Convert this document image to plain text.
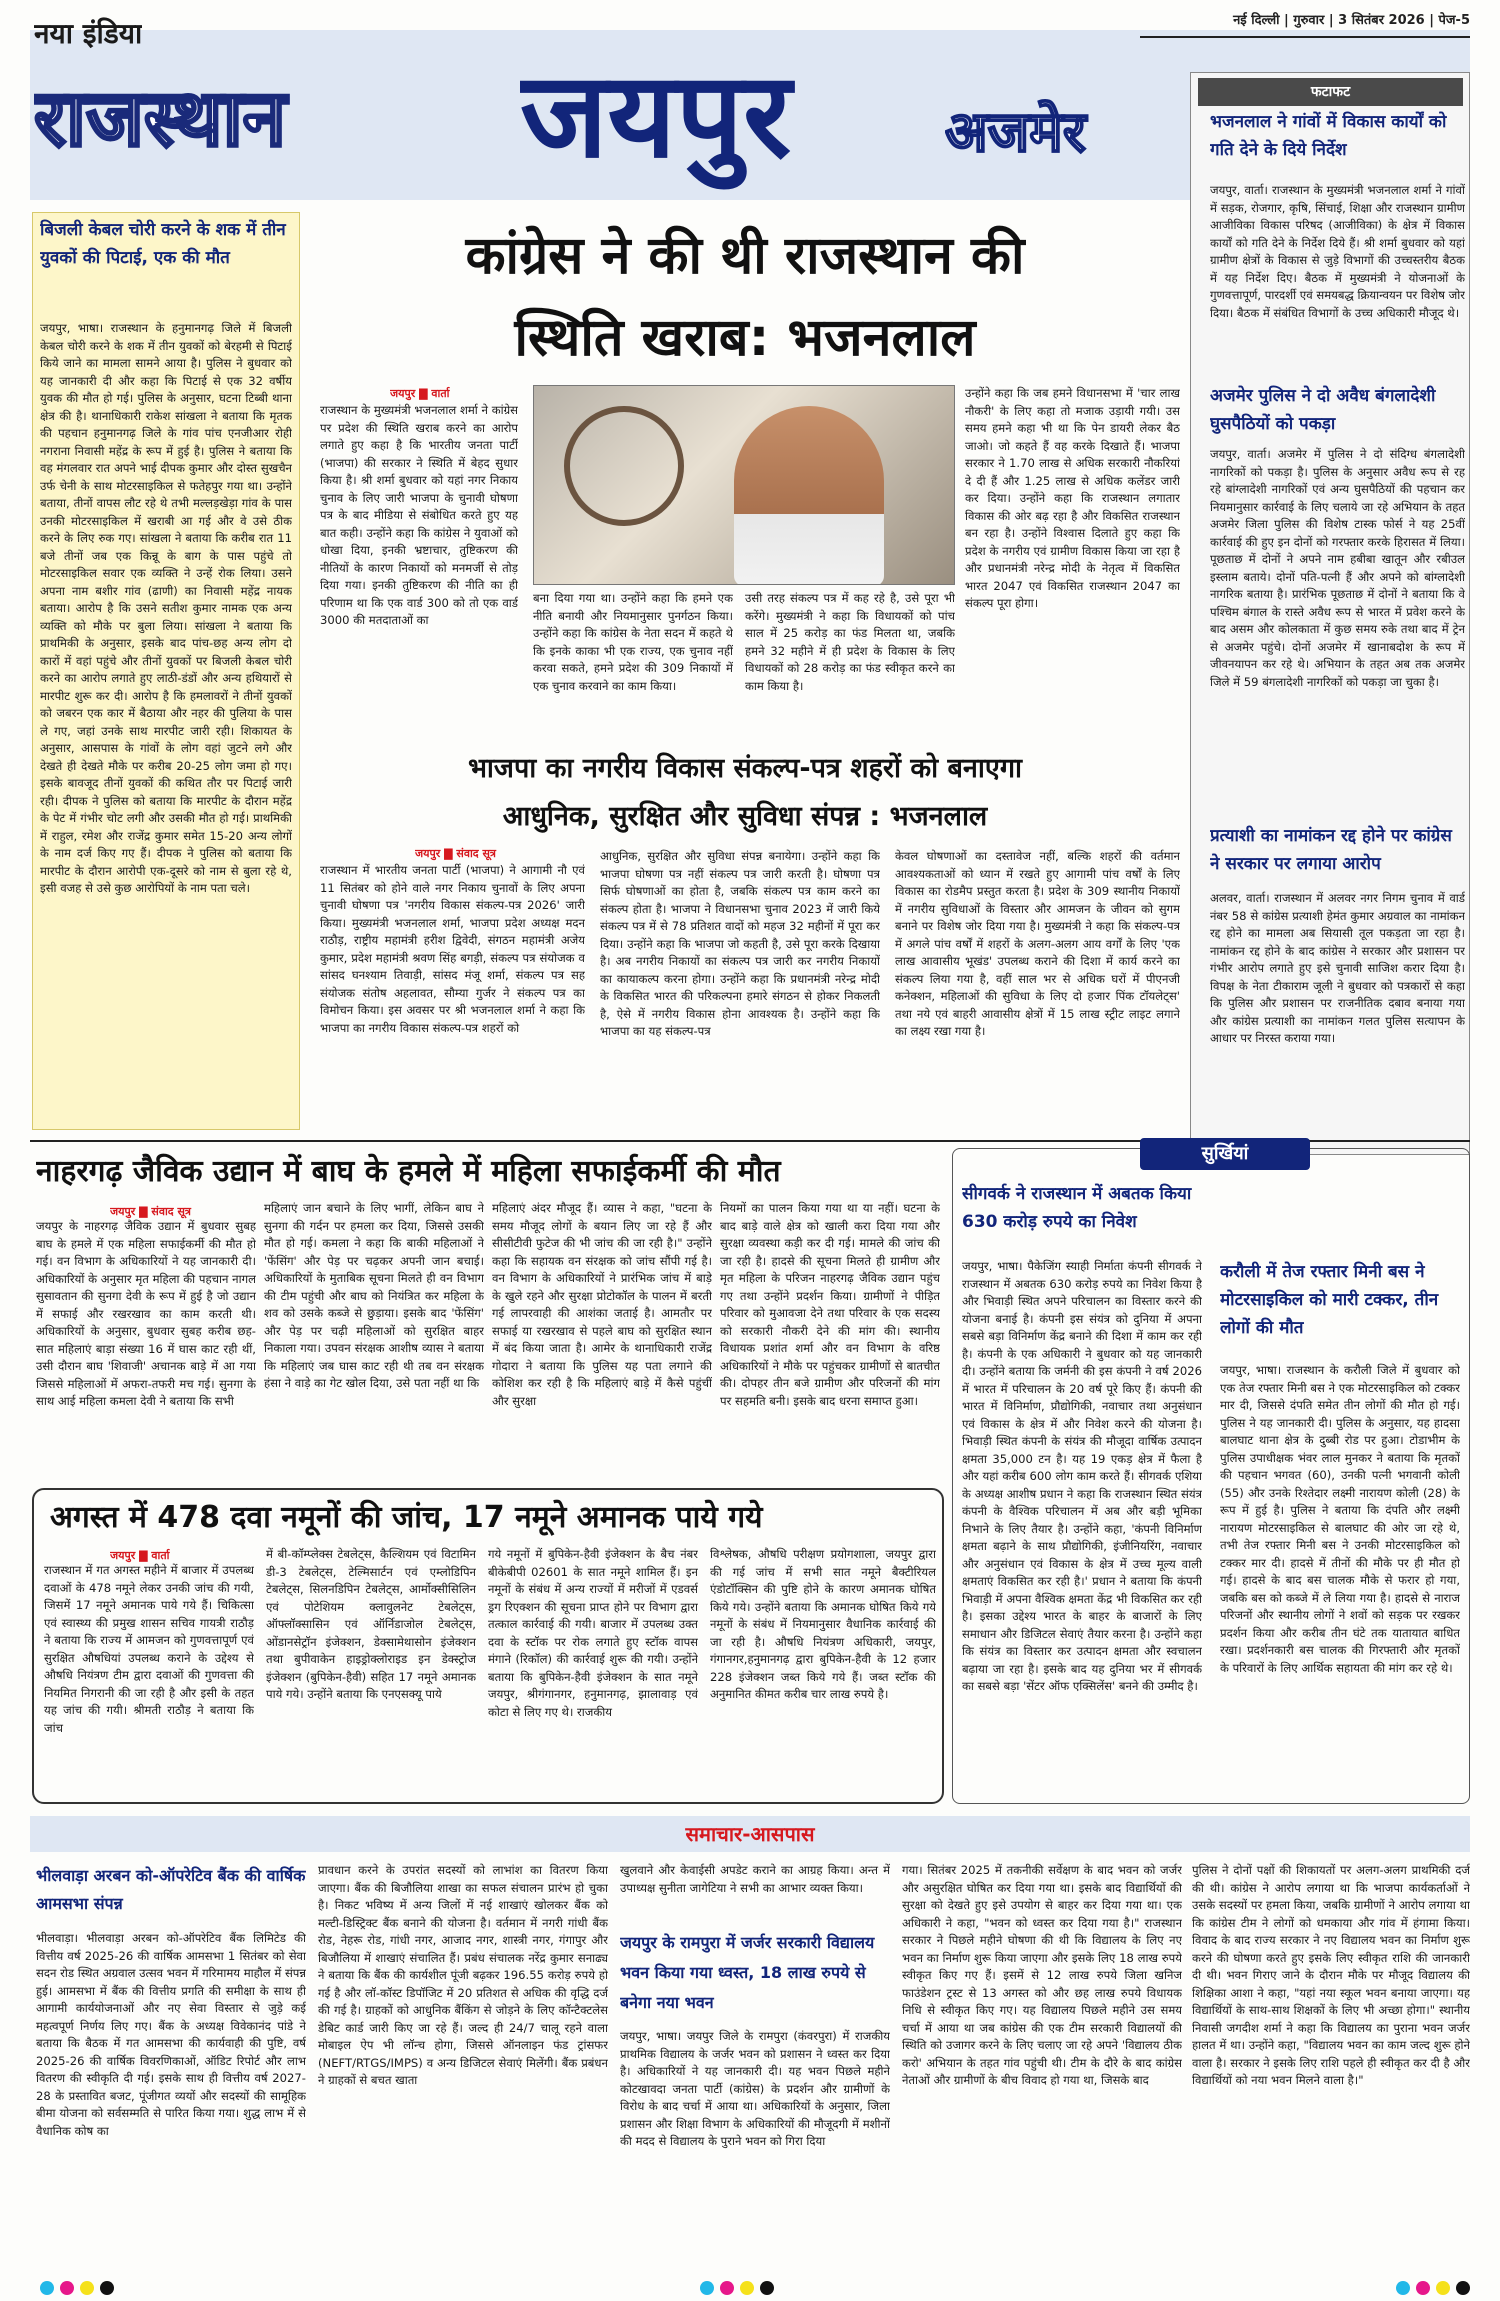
नया इंडिया
राजस्थान	जयपुर	अजमेर
नई दिल्ली | गुरुवार | 3 सितंबर 2026 | पेज-5
फटाफट
भजनलाल ने गांवों में विकास कार्यों को गति देने के दिये निर्देश

जयपुर, वार्ता। राजस्थान के मुख्यमंत्री भजनलाल शर्मा ने गांवों में सड़क, रोजगार, कृषि, सिंचाई, शिक्षा और राजस्थान ग्रामीण आजीविका विकास परिषद (आजीविका) के क्षेत्र में विकास कार्यों को गति देने के निर्देश दिये हैं। श्री शर्मा बुधवार को यहां ग्रामीण क्षेत्रों के विकास से जुड़े विभागों की उच्चस्तरीय बैठक में यह निर्देश दिए। बैठक में मुख्यमंत्री ने योजनाओं के गुणवत्तापूर्ण, पारदर्शी एवं समयबद्ध क्रियान्वयन पर विशेष जोर दिया। बैठक में संबंधित विभागों के उच्च अधिकारी मौजूद थे।

अजमेर पुलिस ने दो अवैध बंगलादेशी घुसपैठियों को पकड़ा

जयपुर, वार्ता। अजमेर में पुलिस ने दो संदिग्ध बंगलादेशी नागरिकों को पकड़ा है। पुलिस के अनुसार अवैध रूप से रह रहे बांग्लादेशी नागरिकों एवं अन्य घुसपैठियों की पहचान कर नियमानुसार कार्रवाई के लिए चलाये जा रहे अभियान के तहत अजमेर जिला पुलिस की विशेष टास्क फोर्स ने यह 25वीं कार्रवाई की हुए इन दोनों को गरफ्तार करके हिरासत में लिया। पूछताछ में दोनों ने अपने नाम हबीबा खातून और रबीउल इस्लाम बताये। दोनों पति-पत्नी हैं और अपने को बांग्लादेशी नागरिक बताया है। प्रारंभिक पूछताछ में दोनों ने बताया कि वे पश्चिम बंगाल के रास्ते अवैध रूप से भारत में प्रवेश करने के बाद असम और कोलकाता में कुछ समय रुके तथा बाद में ट्रेन से अजमेर पहुंचे। दोनों अजमेर में खानाबदोश के रूप में जीवनयापन कर रहे थे। अभियान के तहत अब तक अजमेर जिले में 59 बंगलादेशी नागरिकों को पकड़ा जा चुका है।

प्रत्याशी का नामांकन रद्द होने पर कांग्रेस ने सरकार पर लगाया आरोप

अलवर, वार्ता। राजस्थान में अलवर नगर निगम चुनाव में वार्ड नंबर 58 से कांग्रेस प्रत्याशी हेमंत कुमार अग्रवाल का नामांकन रद्द होने का मामला अब सियासी तूल पकड़ता जा रहा है। नामांकन रद्द होने के बाद कांग्रेस ने सरकार और प्रशासन पर गंभीर आरोप लगाते हुए इसे चुनावी साजिश करार दिया है। विपक्ष के नेता टीकाराम जूली ने बुधवार को पत्रकारों से कहा कि पुलिस और प्रशासन पर राजनीतिक दबाव बनाया गया और कांग्रेस प्रत्याशी का नामांकन गलत पुलिस सत्यापन के आधार पर निरस्त कराया गया।

बिजली केबल चोरी करने के शक में तीन युवकों की पिटाई, एक की मौत

जयपुर, भाषा। राजस्थान के हनुमानगढ़ जिले में बिजली केबल चोरी करने के शक में तीन युवकों को बेरहमी से पिटाई किये जाने का मामला सामने आया है। पुलिस ने बुधवार को यह जानकारी दी और कहा कि पिटाई से एक 32 वर्षीय युवक की मौत हो गई। पुलिस के अनुसार, घटना टिब्बी थाना क्षेत्र की है। थानाधिकारी राकेश सांखला ने बताया कि मृतक की पहचान हनुमानगढ़ जिले के गांव पांच एनजीआर रोही नगराना निवासी महेंद्र के रूप में हुई है। पुलिस ने बताया कि वह मंगलवार रात अपने भाई दीपक कुमार और दोस्त सुखचैन उर्फ चेनी के साथ मोटरसाइकिल से फतेहपुर गया था। उन्होंने बताया, तीनों वापस लौट रहे थे तभी मल्लड़खेड़ा गांव के पास उनकी मोटरसाइकिल में खराबी आ गई और वे उसे ठीक करने के लिए रुक गए। सांखला ने बताया कि करीब रात 11 बजे तीनों जब एक किन्नू के बाग के पास पहुंचे तो मोटरसाइकिल सवार एक व्यक्ति ने उन्हें रोक लिया। उसने अपना नाम बशीर गांव (ढाणी) का निवासी महेंद्र नायक बताया। आरोप है कि उसने सतीश कुमार नामक एक अन्य व्यक्ति को मौके पर बुला लिया। सांखला ने बताया कि प्राथमिकी के अनुसार, इसके बाद पांच-छह अन्य लोग दो कारों में वहां पहुंचे और तीनों युवकों पर बिजली केबल चोरी करने का आरोप लगाते हुए लाठी-डंडों और अन्य हथियारों से मारपीट शुरू कर दी। आरोप है कि हमलावरों ने तीनों युवकों को जबरन एक कार में बैठाया और नहर की पुलिया के पास ले गए, जहां उनके साथ मारपीट जारी रही। शिकायत के अनुसार, आसपास के गांवों के लोग वहां जुटने लगे और देखते ही देखते मौके पर करीब 20-25 लोग जमा हो गए। इसके बावजूद तीनों युवकों की कथित तौर पर पिटाई जारी रही। दीपक ने पुलिस को बताया कि मारपीट के दौरान महेंद्र के पेट में गंभीर चोट लगी और उसकी मौत हो गई। प्राथमिकी में राहुल, रमेश और राजेंद्र कुमार समेत 15-20 अन्य लोगों के नाम दर्ज किए गए हैं। दीपक ने पुलिस को बताया कि मारपीट के दौरान आरोपी एक-दूसरे को नाम से बुला रहे थे, इसी वजह से उसे कुछ आरोपियों के नाम पता चले।

कांग्रेस ने की थी राजस्थान की
स्थिति खराब: भजनलाल
जयपुर ▇ वार्ता

राजस्थान के मुख्यमंत्री भजनलाल शर्मा ने कांग्रेस पर प्रदेश की स्थिति खराब करने का आरोप लगाते हुए कहा है कि भारतीय जनता पार्टी (भाजपा) की सरकार ने स्थिति में बेहद सुधार किया है। श्री शर्मा बुधवार को यहां नगर निकाय चुनाव के लिए जारी भाजपा के चुनावी घोषणा पत्र के बाद मीडिया से संबोधित करते हुए यह बात कही। उन्होंने कहा कि कांग्रेस ने युवाओं को धोखा दिया, इनकी भ्रष्टाचार, तुष्टिकरण की नीतियों के कारण निकायों को मनमर्जी से तोड़ दिया गया। इनकी तुष्टिकरण की नीति का ही परिणाम था कि एक वार्ड 300 को तो एक वार्ड 3000 की मतदाताओं का

बना दिया गया था। उन्होंने कहा कि हमने एक नीति बनायी और नियमानुसार पुनर्गठन किया। उन्होंने कहा कि कांग्रेस के नेता सदन में कहते थे कि इनके काका भी एक राज्य, एक चुनाव नहीं करवा सकते, हमने प्रदेश की 309 निकायों में एक चुनाव करवाने का काम किया।

उसी तरह संकल्प पत्र में कह रहे है, उसे पूरा भी करेंगे। मुख्यमंत्री ने कहा कि विधायकों को पांच साल में 25 करोड़ का फंड मिलता था, जबकि हमने 32 महीने में ही प्रदेश के विकास के लिए विधायकों को 28 करोड़ का फंड स्वीकृत करने का काम किया है।

उन्होंने कहा कि जब हमने विधानसभा में 'चार लाख नौकरी' के लिए कहा तो मजाक उड़ायी गयी। उस समय हमने कहा भी था कि पेन डायरी लेकर बैठ जाओ। जो कहते हैं वह करके दिखाते हैं। भाजपा सरकार ने 1.70 लाख से अधिक सरकारी नौकरियां दे दी हैं और 1.25 लाख से अधिक कलेंडर जारी कर दिया। उन्होंने कहा कि राजस्थान लगातार विकास की ओर बढ़ रहा है और विकसित राजस्थान बन रहा है। उन्होंने विश्वास दिलाते हुए कहा कि प्रदेश के नगरीय एवं ग्रामीण विकास किया जा रहा है और प्रधानमंत्री नरेन्द्र मोदी के नेतृत्व में विकसित भारत 2047 एवं विकसित राजस्थान 2047 का संकल्प पूरा होगा।

भाजपा का नगरीय विकास संकल्प-पत्र शहरों को बनाएगा
आधुनिक, सुरक्षित और सुविधा संपन्न : भजनलाल
जयपुर ▇ संवाद सूत्र

राजस्थान में भारतीय जनता पार्टी (भाजपा) ने आगामी नौ एवं 11 सितंबर को होने वाले नगर निकाय चुनावों के लिए अपना चुनावी घोषणा पत्र 'नगरीय विकास संकल्प-पत्र 2026' जारी किया। मुख्यमंत्री भजनलाल शर्मा, भाजपा प्रदेश अध्यक्ष मदन राठौड़, राष्ट्रीय महामंत्री हरीश द्विवेदी, संगठन महामंत्री अजेय कुमार, प्रदेश महामंत्री श्रवण सिंह बगड़ी, संकल्प पत्र संयोजक व सांसद घनश्याम तिवाड़ी, सांसद मंजू शर्मा, संकल्प पत्र सह संयोजक संतोष अहलावत, सौम्या गुर्जर ने संकल्प पत्र का विमोचन किया। इस अवसर पर श्री भजनलाल शर्मा ने कहा कि भाजपा का नगरीय विकास संकल्प-पत्र शहरों को

आधुनिक, सुरक्षित और सुविधा संपन्न बनायेगा। उन्होंने कहा कि भाजपा घोषणा पत्र नहीं संकल्प पत्र जारी करती है। घोषणा पत्र सिर्फ घोषणाओं का होता है, जबकि संकल्प पत्र काम करने का संकल्प होता है। भाजपा ने विधानसभा चुनाव 2023 में जारी किये संकल्प पत्र में से 78 प्रतिशत वादों को महज 32 महीनों में पूरा कर दिया। उन्होंने कहा कि भाजपा जो कहती है, उसे पूरा करके दिखाया है। अब नगरीय निकायों का संकल्प पत्र जारी कर नगरीय निकायों का कायाकल्प करना होगा। उन्होंने कहा कि प्रधानमंत्री नरेन्द्र मोदी के विकसित भारत की परिकल्पना हमारे संगठन से होकर निकलती है, ऐसे में नगरीय विकास होना आवश्यक है। उन्होंने कहा कि भाजपा का यह संकल्प-पत्र

केवल घोषणाओं का दस्तावेज नहीं, बल्कि शहरों की वर्तमान आवश्यकताओं को ध्यान में रखते हुए आगामी पांच वर्षों के लिए विकास का रोडमैप प्रस्तुत करता है। प्रदेश के 309 स्थानीय निकायों में नगरीय सुविधाओं के विस्तार और आमजन के जीवन को सुगम बनाने पर विशेष जोर दिया गया है। मुख्यमंत्री ने कहा कि संकल्प-पत्र में अगले पांच वर्षों में शहरों के अलग-अलग आय वर्गों के लिए 'एक लाख आवासीय भूखंड' उपलब्ध कराने की दिशा में कार्य करने का संकल्प लिया गया है, वहीं साल भर से अधिक घरों में पीएनजी कनेक्शन, महिलाओं की सुविधा के लिए दो हजार पिंक टॉयलेट्स' तथा नये एवं बाहरी आवासीय क्षेत्रों में 15 लाख स्ट्रीट लाइट लगाने का लक्ष्य रखा गया है।

नाहरगढ़ जैविक उद्यान में बाघ के हमले में महिला सफाईकर्मी की मौत
जयपुर ▇ संवाद सूत्र

जयपुर के नाहरगढ़ जैविक उद्यान में बुधवार सुबह बाघ के हमले में एक महिला सफाईकर्मी की मौत हो गई। वन विभाग के अधिकारियों ने यह जानकारी दी। अधिकारियों के अनुसार मृत महिला की पहचान नागल सुसावतान की सुनगा देवी के रूप में हुई है जो उद्यान में सफाई और रखरखाव का काम करती थी। अधिकारियों के अनुसार, बुधवार सुबह करीब छह-सात महिलाएं बाड़ा संख्या 16 में घास काट रही थीं, उसी दौरान बाघ 'शिवाजी' अचानक बाड़े में आ गया जिससे महिलाओं में अफरा-तफरी मच गई। सुनगा के साथ आई महिला कमला देवी ने बताया कि सभी

महिलाएं जान बचाने के लिए भागीं, लेकिन बाघ ने सुनगा की गर्दन पर हमला कर दिया, जिससे उसकी मौत हो गई। कमला ने कहा कि बाकी महिलाओं ने 'फेंसिंग' और पेड़ पर चढ़कर अपनी जान बचाई। अधिकारियों के मुताबिक सूचना मिलते ही वन विभाग की टीम पहुंची और बाघ को नियंत्रित कर महिला के शव को उसके कब्जे से छुड़ाया। इसके बाद 'फेंसिंग' और पेड़ पर चढ़ी महिलाओं को सुरक्षित बाहर निकाला गया। उपवन संरक्षक आशीष व्यास ने बताया कि महिलाएं जब घास काट रही थी तब वन संरक्षक हंसा ने वाड़े का गेट खोल दिया, उसे पता नहीं था कि

महिलाएं अंदर मौजूद हैं। व्यास ने कहा, "घटना के समय मौजूद लोगों के बयान लिए जा रहे हैं और सीसीटीवी फुटेज की भी जांच की जा रही है।" उन्होंने कहा कि सहायक वन संरक्षक को जांच सौंपी गई है। वन विभाग के अधिकारियों ने प्रारंभिक जांच में बाड़े के खुले रहने और सुरक्षा प्रोटोकॉल के पालन में बरती गई लापरवाही की आशंका जताई है। आमतौर पर सफाई या रखरखाव से पहले बाघ को सुरक्षित स्थान में बंद किया जाता है। आमेर के थानाधिकारी राजेंद्र गोदारा ने बताया कि पुलिस यह पता लगाने की कोशिश कर रही है कि महिलाएं बाड़े में कैसे पहुंचीं और सुरक्षा

नियमों का पालन किया गया था या नहीं। घटना के बाद बाड़े वाले क्षेत्र को खाली करा दिया गया और सुरक्षा व्यवस्था कड़ी कर दी गई। मामले की जांच की जा रही है। हादसे की सूचना मिलते ही ग्रामीण और मृत महिला के परिजन नाहरगढ़ जैविक उद्यान पहुंच गए तथा उन्होंने प्रदर्शन किया। ग्रामीणों ने पीड़ित परिवार को मुआवजा देने तथा परिवार के एक सदस्य को सरकारी नौकरी देने की मांग की। स्थानीय विधायक प्रशांत शर्मा और वन विभाग के वरिष्ठ अधिकारियों ने मौके पर पहुंचकर ग्रामीणों से बातचीत की। दोपहर तीन बजे ग्रामीण और परिजनों की मांग पर सहमति बनी। इसके बाद धरना समाप्त हुआ।

अगस्त में 478 दवा नमूनों की जांच, 17 नमूने अमानक पाये गये
जयपुर ▇ वार्ता

राजस्थान में गत अगस्त महीने में बाजार में उपलब्ध दवाओं के 478 नमूने लेकर उनकी जांच की गयी, जिसमें 17 नमूने अमानक पाये गये हैं। चिकित्सा एवं स्वास्थ्य की प्रमुख शासन सचिव गायत्री राठौड़ ने बताया कि राज्य में आमजन को गुणवत्तापूर्ण एवं सुरक्षित औषधियां उपलब्ध कराने के उद्देश्य से औषधि नियंत्रण टीम द्वारा दवाओं की गुणवत्ता की नियमित निगरानी की जा रही है और इसी के तहत यह जांच की गयी। श्रीमती राठौड़ ने बताया कि जांच

में बी-कॉम्प्लेक्स टेबलेट्स, कैल्शियम एवं विटामिन डी-3 टेबलेट्स, टेल्मिसार्टन एवं एम्लोडिपिन टेबलेट्स, सिलनडिपिन टेबलेट्स, आर्मोक्सीसिलिन एवं पोटेशियम क्लावुलनेट टेबलेट्स, ऑफ्लॉक्सासिन एवं ऑर्निडाजोल टेबलेट्स, ओंडानसेट्रॉन इंजेक्शन, डेक्सामेथासोन इंजेक्शन तथा बुपीवाकेन हाइड्रोक्लोराइड इन डेक्स्ट्रोज इंजेक्शन (बुपिकेन-हैवी) सहित 17 नमूने अमानक पाये गये। उन्होंने बताया कि एनएसक्यू पाये

गये नमूनों में बुपिकेन-हैवी इंजेक्शन के बैच नंबर बीकेबीपी 02601 के सात नमूने शामिल हैं। इन नमूनों के संबंध में अन्य राज्यों में मरीजों में एडवर्स ड्रग रिएक्शन की सूचना प्राप्त होने पर विभाग द्वारा तत्काल कार्रवाई की गयी। बाजार में उपलब्ध उक्त दवा के स्टॉक पर रोक लगाते हुए स्टॉक वापस मंगाने (रिकॉल) की कार्रवाई शुरू की गयी। उन्होंने बताया कि बुपिकेन-हैवी इंजेक्शन के सात नमूने जयपुर, श्रीगंगानगर, हनुमानगढ़, झालावाड़ एवं कोटा से लिए गए थे। राजकीय

विश्लेषक, औषधि परीक्षण प्रयोगशाला, जयपुर द्वारा की गई जांच में सभी सात नमूने बैक्टीरियल एंडोटॉक्सिन की पुष्टि होने के कारण अमानक घोषित किये गये। उन्होंने बताया कि अमानक घोषित किये गये नमूनों के संबंध में नियमानुसार वैधानिक कार्रवाई की जा रही है। औषधि नियंत्रण अधिकारी, जयपुर, गंगानगर,हनुमानगढ़ द्वारा बुपिकेन-हैवी के 12 हजार 228 इंजेक्शन जब्त किये गये हैं। जब्त स्टॉक की अनुमानित कीमत करीब चार लाख रुपये है।

सुर्खियां
सीगवर्क ने राजस्थान में अबतक किया 630 करोड़ रुपये का निवेश

जयपुर, भाषा। पैकेजिंग स्याही निर्माता कंपनी सीगवर्क ने राजस्थान में अबतक 630 करोड़ रुपये का निवेश किया है और भिवाड़ी स्थित अपने परिचालन का विस्तार करने की योजना बनाई है। कंपनी इस संयंत्र को दुनिया में अपना सबसे बड़ा विनिर्माण केंद्र बनाने की दिशा में काम कर रही है। कंपनी के एक अधिकारी ने बुधवार को यह जानकारी दी। उन्होंने बताया कि जर्मनी की इस कंपनी ने वर्ष 2026 में भारत में परिचालन के 20 वर्ष पूरे किए हैं। कंपनी की भारत में विनिर्माण, प्रौद्योगिकी, नवाचार तथा अनुसंधान एवं विकास के क्षेत्र में और निवेश करने की योजना है। भिवाड़ी स्थित कंपनी के संयंत्र की मौजूदा वार्षिक उत्पादन क्षमता 35,000 टन है। यह 19 एकड़ क्षेत्र में फैला है और यहां करीब 600 लोग काम करते हैं। सीगवर्क एशिया के अध्यक्ष आशीष प्रधान ने कहा कि राजस्थान स्थित संयंत्र कंपनी के वैश्विक परिचालन में अब और बड़ी भूमिका निभाने के लिए तैयार है। उन्होंने कहा, 'कंपनी विनिर्माण क्षमता बढ़ाने के साथ प्रौद्योगिकी, इंजीनियरिंग, नवाचार और अनुसंधान एवं विकास के क्षेत्र में उच्च मूल्य वाली क्षमताएं विकसित कर रही है।' प्रधान ने बताया कि कंपनी भिवाड़ी में अपना वैश्विक क्षमता केंद्र भी विकसित कर रही है। इसका उद्देश्य भारत के बाहर के बाजारों के लिए समाधान और डिजिटल सेवाएं तैयार करना है। उन्होंने कहा कि संयंत्र का विस्तार कर उत्पादन क्षमता और स्वचालन बढ़ाया जा रहा है। इसके बाद यह दुनिया भर में सीगवर्क का सबसे बड़ा 'सेंटर ऑफ एक्सिलेंस' बनने की उम्मीद है।

करौली में तेज रफ्तार मिनी बस ने मोटरसाइकिल को मारी टक्कर, तीन लोगों की मौत

जयपुर, भाषा। राजस्थान के करौली जिले में बुधवार को एक तेज रफ्तार मिनी बस ने एक मोटरसाइकिल को टक्कर मार दी, जिससे दंपति समेत तीन लोगों की मौत हो गई। पुलिस ने यह जानकारी दी। पुलिस के अनुसार, यह हादसा बालघाट थाना क्षेत्र के दुब्बी रोड पर हुआ। टोडाभीम के पुलिस उपाधीक्षक भंवर लाल मुनकर ने बताया कि मृतकों की पहचान भगवत (60), उनकी पत्नी भगवानी कोली (55) और उनके रिश्तेदार लक्ष्मी नारायण कोली (28) के रूप में हुई है। पुलिस ने बताया कि दंपति और लक्ष्मी नारायण मोटरसाइकिल से बालघाट की ओर जा रहे थे, तभी तेज रफ्तार मिनी बस ने उनकी मोटरसाइकिल को टक्कर मार दी। हादसे में तीनों की मौके पर ही मौत हो गई। हादसे के बाद बस चालक मौके से फरार हो गया, जबकि बस को कब्जे में ले लिया गया है। हादसे से नाराज परिजनों और स्थानीय लोगों ने शवों को सड़क पर रखकर प्रदर्शन किया और करीब तीन घंटे तक यातायात बाधित रखा। प्रदर्शनकारी बस चालक की गिरफ्तारी और मृतकों के परिवारों के लिए आर्थिक सहायता की मांग कर रहे थे।

समाचार-आसपास
भीलवाड़ा अरबन को-ऑपरेटिव बैंक की वार्षिक आमसभा संपन्न

भीलवाड़ा। भीलवाड़ा अरबन को-ऑपरेटिव बैंक लिमिटेड की वित्तीय वर्ष 2025-26 की वार्षिक आमसभा 1 सितंबर को सेवा सदन रोड स्थित अग्रवाल उत्सव भवन में गरिमामय माहौल में संपन्न हुई। आमसभा में बैंक की वित्तीय प्रगति की समीक्षा के साथ ही आगामी कार्ययोजनाओं और नए सेवा विस्तार से जुड़े कई महत्वपूर्ण निर्णय लिए गए। बैंक के अध्यक्ष विवेकानंद पांडे ने बताया कि बैठक में गत आमसभा की कार्यवाही की पुष्टि, वर्ष 2025-26 की वार्षिक विवरणिकाओं, ऑडिट रिपोर्ट और लाभ वितरण की स्वीकृति दी गई। इसके साथ ही वित्तीय वर्ष 2027-28 के प्रस्तावित बजट, पूंजीगत व्ययों और सदस्यों की सामूहिक बीमा योजना को सर्वसम्मति से पारित किया गया। शुद्ध लाभ में से वैधानिक कोष का

प्रावधान करने के उपरांत सदस्यों को लाभांश का वितरण किया जाएगा। बैंक की बिजौलिया शाखा का सफल संचालन प्रारंभ हो चुका है। निकट भविष्य में अन्य जिलों में नई शाखाएं खोलकर बैंक को मल्टी-डिस्ट्रिक्ट बैंक बनाने की योजना है। वर्तमान में नगरी गांधी बैंक रोड, नेहरू रोड, गांधी नगर, आजाद नगर, शास्त्री नगर, गंगापुर और बिजौलिया में शाखाएं संचालित हैं। प्रबंध संचालक नरेंद्र कुमार सनाढ्य ने बताया कि बैंक की कार्यशील पूंजी बढ़कर 196.55 करोड़ रुपये हो गई है और लॉ-कॉस्ट डिपॉजिट में 20 प्रतिशत से अधिक की वृद्धि दर्ज की गई है। ग्राहकों को आधुनिक बैंकिंग से जोड़ने के लिए कॉन्टैक्टलेस डेबिट कार्ड जारी किए जा रहे हैं। जल्द ही 24/7 चालू रहने वाला मोबाइल ऐप भी लॉन्च होगा, जिससे ऑनलाइन फंड ट्रांसफर (NEFT/RTGS/IMPS) व अन्य डिजिटल सेवाएं मिलेंगी। बैंक प्रबंधन ने ग्राहकों से बचत खाता

खुलवाने और केवाईसी अपडेट कराने का आग्रह किया। अन्त में उपाध्यक्ष सुनीता जागेटिया ने सभी का आभार व्यक्त किया।

जयपुर के रामपुरा में जर्जर सरकारी विद्यालय भवन किया गया ध्वस्त, 18 लाख रुपये से बनेगा नया भवन

जयपुर, भाषा। जयपुर जिले के रामपुरा (कंवरपुरा) में राजकीय प्राथमिक विद्यालय के जर्जर भवन को प्रशासन ने ध्वस्त कर दिया है। अधिकारियों ने यह जानकारी दी। यह भवन पिछले महीने कोटखावदा जनता पार्टी (कांग्रेस) के प्रदर्शन और ग्रामीणों के विरोध के बाद चर्चा में आया था। अधिकारियों के अनुसार, जिला प्रशासन और शिक्षा विभाग के अधिकारियों की मौजूदगी में मशीनों की मदद से विद्यालय के पुराने भवन को गिरा दिया

गया। सितंबर 2025 में तकनीकी सर्वेक्षण के बाद भवन को जर्जर और असुरक्षित घोषित कर दिया गया था। इसके बाद विद्यार्थियों की सुरक्षा को देखते हुए इसे उपयोग से बाहर कर दिया गया था। एक अधिकारी ने कहा, "भवन को ध्वस्त कर दिया गया है।" राजस्थान सरकार ने पिछले महीने घोषणा की थी कि विद्यालय के लिए नए भवन का निर्माण शुरू किया जाएगा और इसके लिए 18 लाख रुपये स्वीकृत किए गए हैं। इसमें से 12 लाख रुपये जिला खनिज फाउंडेशन ट्रस्ट से 13 अगस्त को और छह लाख रुपये विधायक निधि से स्वीकृत किए गए। यह विद्यालय पिछले महीने उस समय चर्चा में आया था जब कांग्रेस की एक टीम सरकारी विद्यालयों की स्थिति को उजागर करने के लिए चलाए जा रहे अपने 'विद्यालय ठीक करो' अभियान के तहत गांव पहुंची थी। टीम के दौरे के बाद कांग्रेस नेताओं और ग्रामीणों के बीच विवाद हो गया था, जिसके बाद

पुलिस ने दोनों पक्षों की शिकायतों पर अलग-अलग प्राथमिकी दर्ज की थी। कांग्रेस ने आरोप लगाया था कि भाजपा कार्यकर्ताओं ने उसके सदस्यों पर हमला किया, जबकि ग्रामीणों ने आरोप लगाया था कि कांग्रेस टीम ने लोगों को धमकाया और गांव में हंगामा किया। विवाद के बाद राज्य सरकार ने नए विद्यालय भवन का निर्माण शुरू करने की घोषणा करते हुए इसके लिए स्वीकृत राशि की जानकारी दी थी। भवन गिराए जाने के दौरान मौके पर मौजूद विद्यालय की शिक्षिका आशा ने कहा, "यहां नया स्कूल भवन बनाया जाएगा। यह विद्यार्थियों के साथ-साथ शिक्षकों के लिए भी अच्छा होगा।" स्थानीय निवासी जगदीश शर्मा ने कहा कि विद्यालय का पुराना भवन जर्जर हालत में था। उन्होंने कहा, "विद्यालय भवन का काम जल्द शुरू होने वाला है। सरकार ने इसके लिए राशि पहले ही स्वीकृत कर दी है और विद्यार्थियों को नया भवन मिलने वाला है।"
